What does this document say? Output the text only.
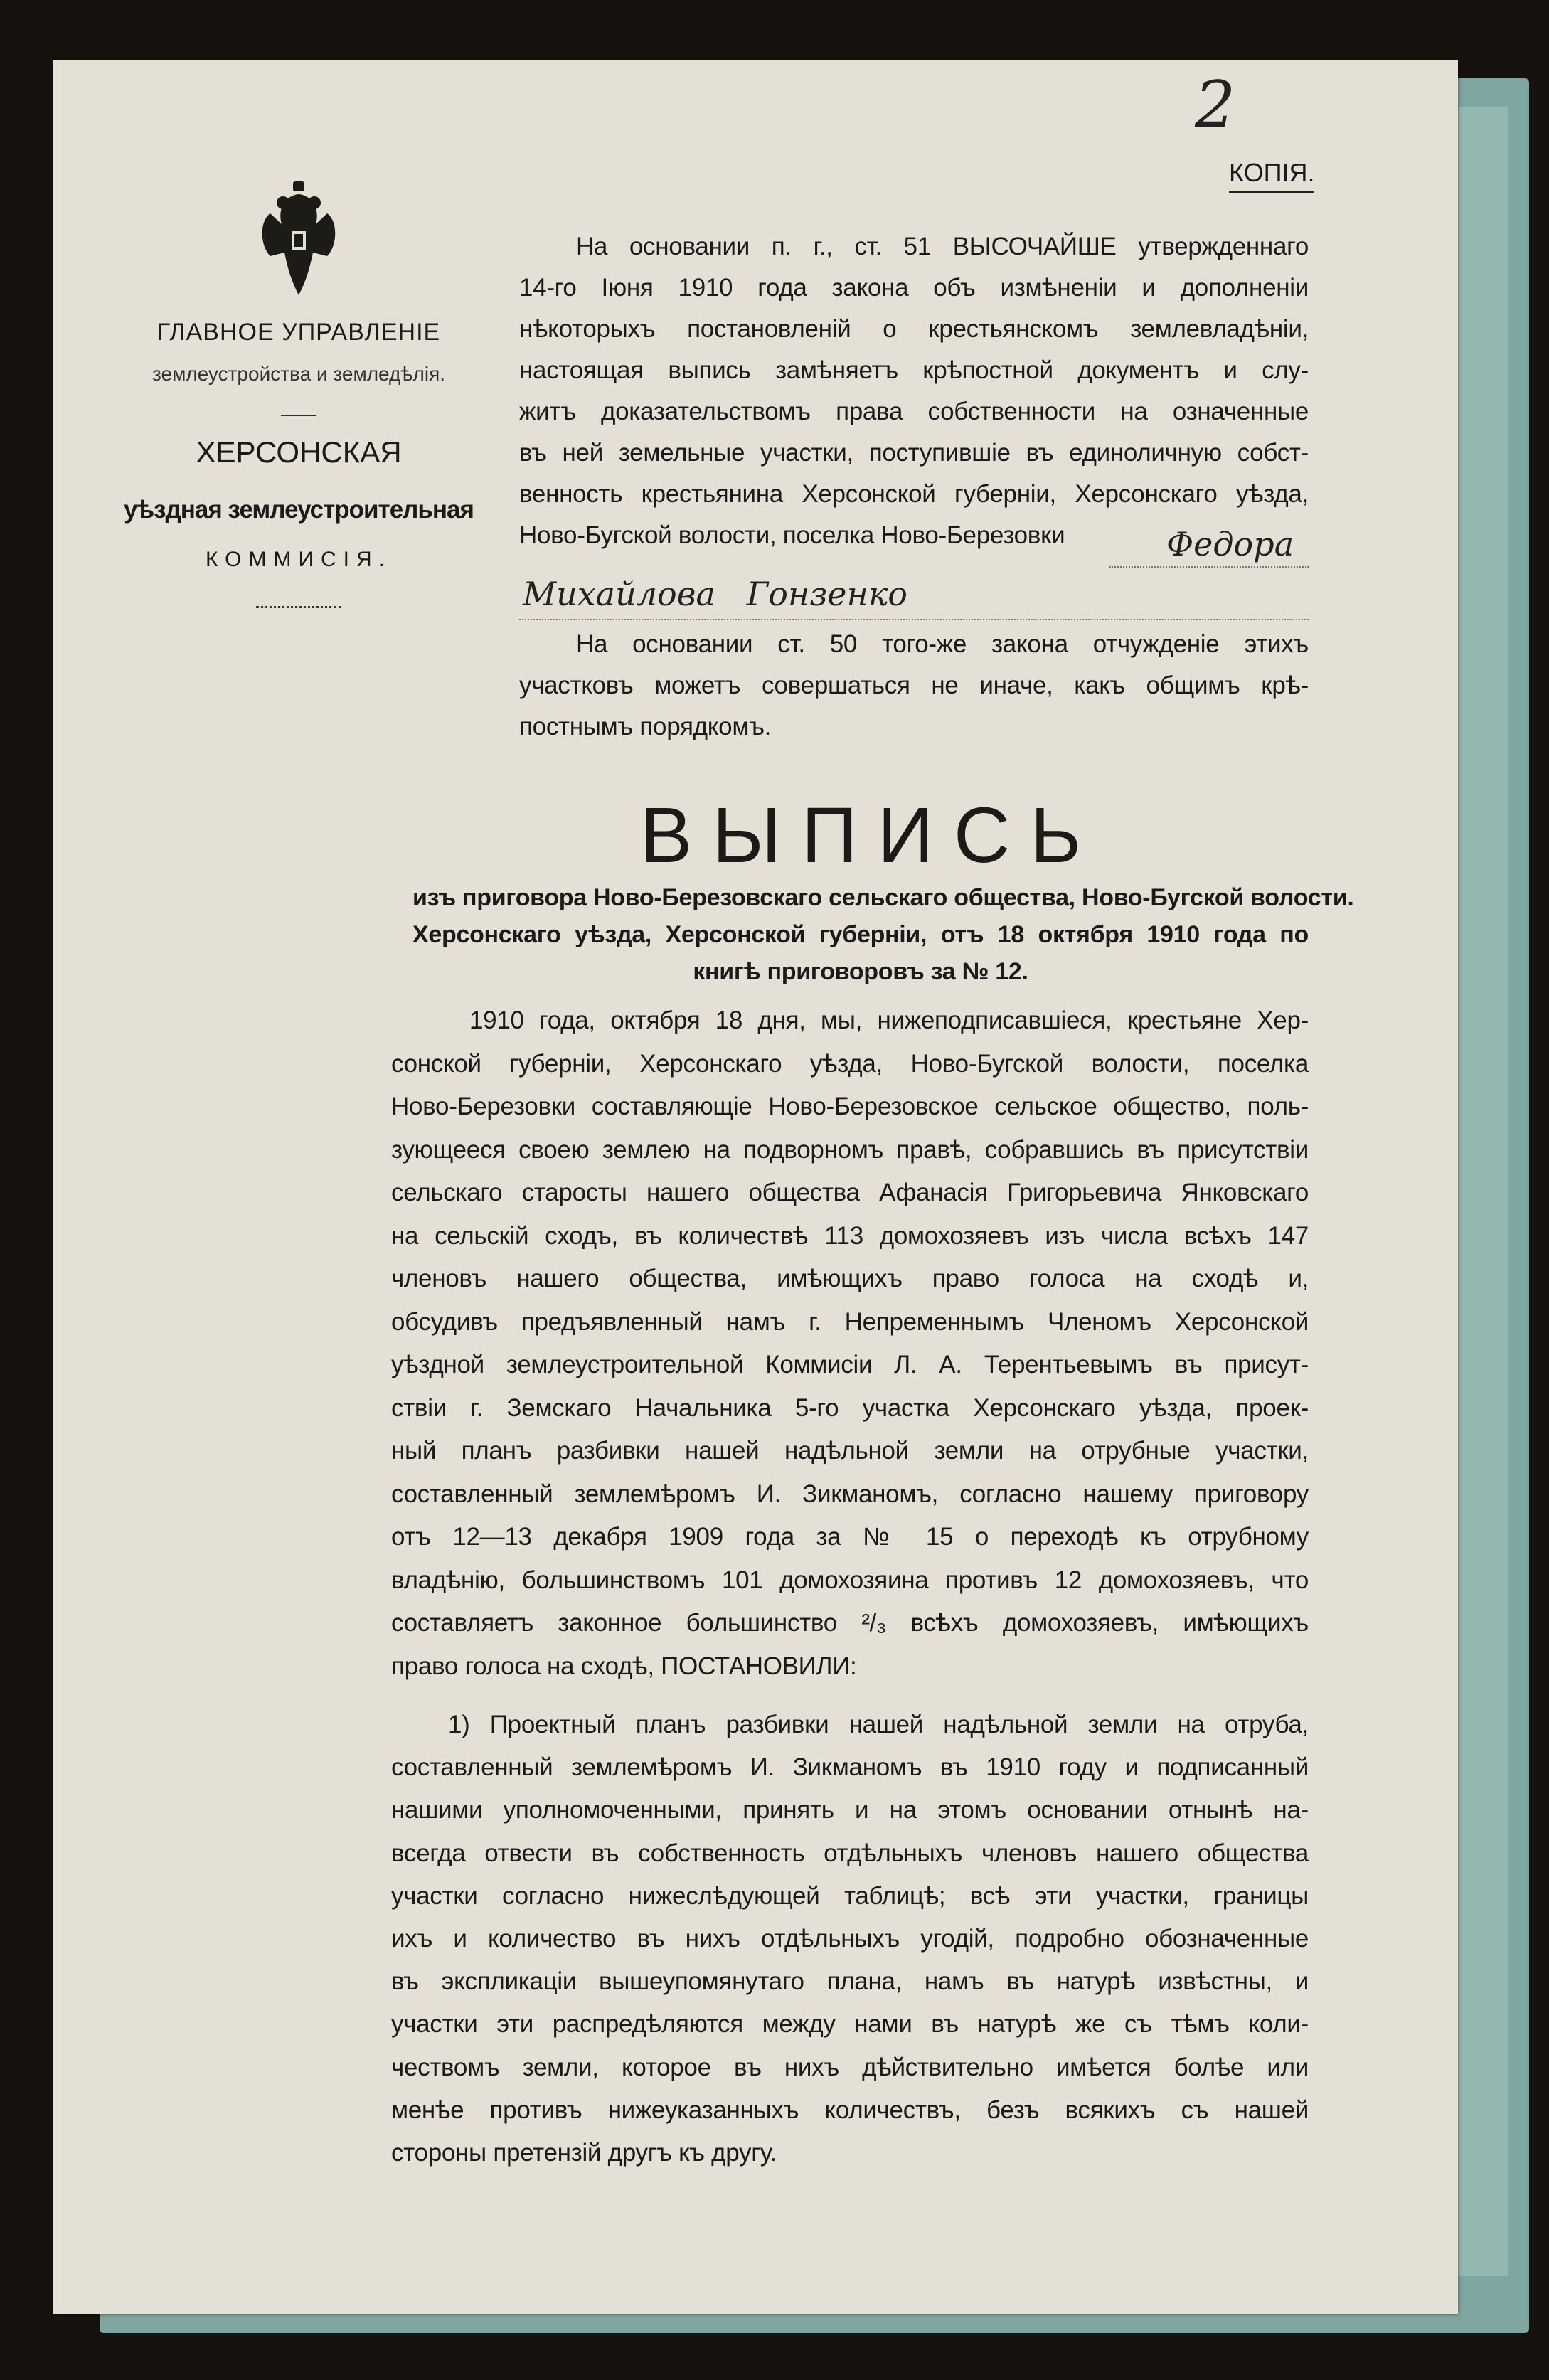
2
КОПIЯ.
ГЛАВНОЕ УПРАВЛЕНIЕ
землеустройства и земледѣлiя.
ХЕРСОНСКАЯ
уѣздная землеустроительная
КОММИСIЯ.
На основании п. г., ст. 51 ВЫСОЧАЙШЕ утвержденнаго
14-го Iюня 1910 года закона объ измѣненiи и дополненiи
нѣкоторыхъ постановленiй о крестьянскомъ землевладѣнiи,
настоящая выпись замѣняетъ крѣпостной документъ и слу-
житъ доказательствомъ права собственности на означенные
въ ней земельные участки, поступившiе въ единоличную собст-
венность крестьянина Херсонской губернiи, Херсонскаго уѣзда,
Ново-Бугской волости, поселка Ново-Березовки	Федора
Михайлова   Гонзенко
На основании ст. 50 того-же закона отчужденiе этихъ
участковъ можетъ совершаться не иначе, какъ общимъ крѣ-
постнымъ порядкомъ.
ВЫПИСЬ
изъ приговора Ново-Березовскаго сельскаго общества, Ново-Бугской волости.
Херсонскаго уѣзда, Херсонской губернiи, отъ 18 октября 1910 года по
книгѣ приговоровъ за № 12.
1910 года, октября 18 дня, мы, нижеподписавшiеся, крестьяне Хер-
сонской губернiи, Херсонскаго уѣзда, Ново-Бугской волости, поселка
Ново-Березовки составляющiе Ново-Березовское сельское общество, поль-
зующееся своею землею на подворномъ правѣ, собравшись въ присутствiи
сельскаго старосты нашего общества Афанасiя Григорьевича Янковскаго
на сельскiй сходъ, въ количествѣ 113 домохозяевъ изъ числа всѣхъ 147
членовъ нашего общества, имѣющихъ право голоса на сходѣ и,
обсудивъ предъявленный намъ г. Непременнымъ Членомъ Херсонской
уѣздной землеустроительной Коммисiи Л. А. Терентьевымъ въ присут-
ствiи г. Земскаго Начальника 5-го участка Херсонскаго уѣзда, проек-
ный планъ разбивки нашей надѣльной земли на отрубные участки,
составленный землемѣромъ И. Зикманомъ, согласно нашему приговору
отъ 12—13 декабря 1909 года за № 15 о переходѣ къ отрубному
владѣнiю, большинствомъ 101 домохозяина противъ 12 домохозяевъ, что
составляетъ законное большинство ²/₃ всѣхъ домохозяевъ, имѣющихъ
право голоса на сходѣ, ПОСТАНОВИЛИ:
1) Проектный планъ разбивки нашей надѣльной земли на отруба,
составленный землемѣромъ И. Зикманомъ въ 1910 году и подписанный
нашими уполномоченными, принять и на этомъ основании отнынѣ на-
всегда отвести въ собственность отдѣльныхъ членовъ нашего общества
участки согласно нижеслѣдующей таблицѣ; всѣ эти участки, границы
ихъ и количество въ нихъ отдѣльныхъ угодiй, подробно обозначенные
въ экспликацiи вышеупомянутаго плана, намъ въ натурѣ извѣстны, и
участки эти распредѣляются между нами въ натурѣ же съ тѣмъ коли-
чествомъ земли, которое въ нихъ дѣйствительно имѣется болѣе или
менѣе противъ нижеуказанныхъ количествъ, безъ всякихъ съ нашей
стороны претензiй другъ къ другу.
